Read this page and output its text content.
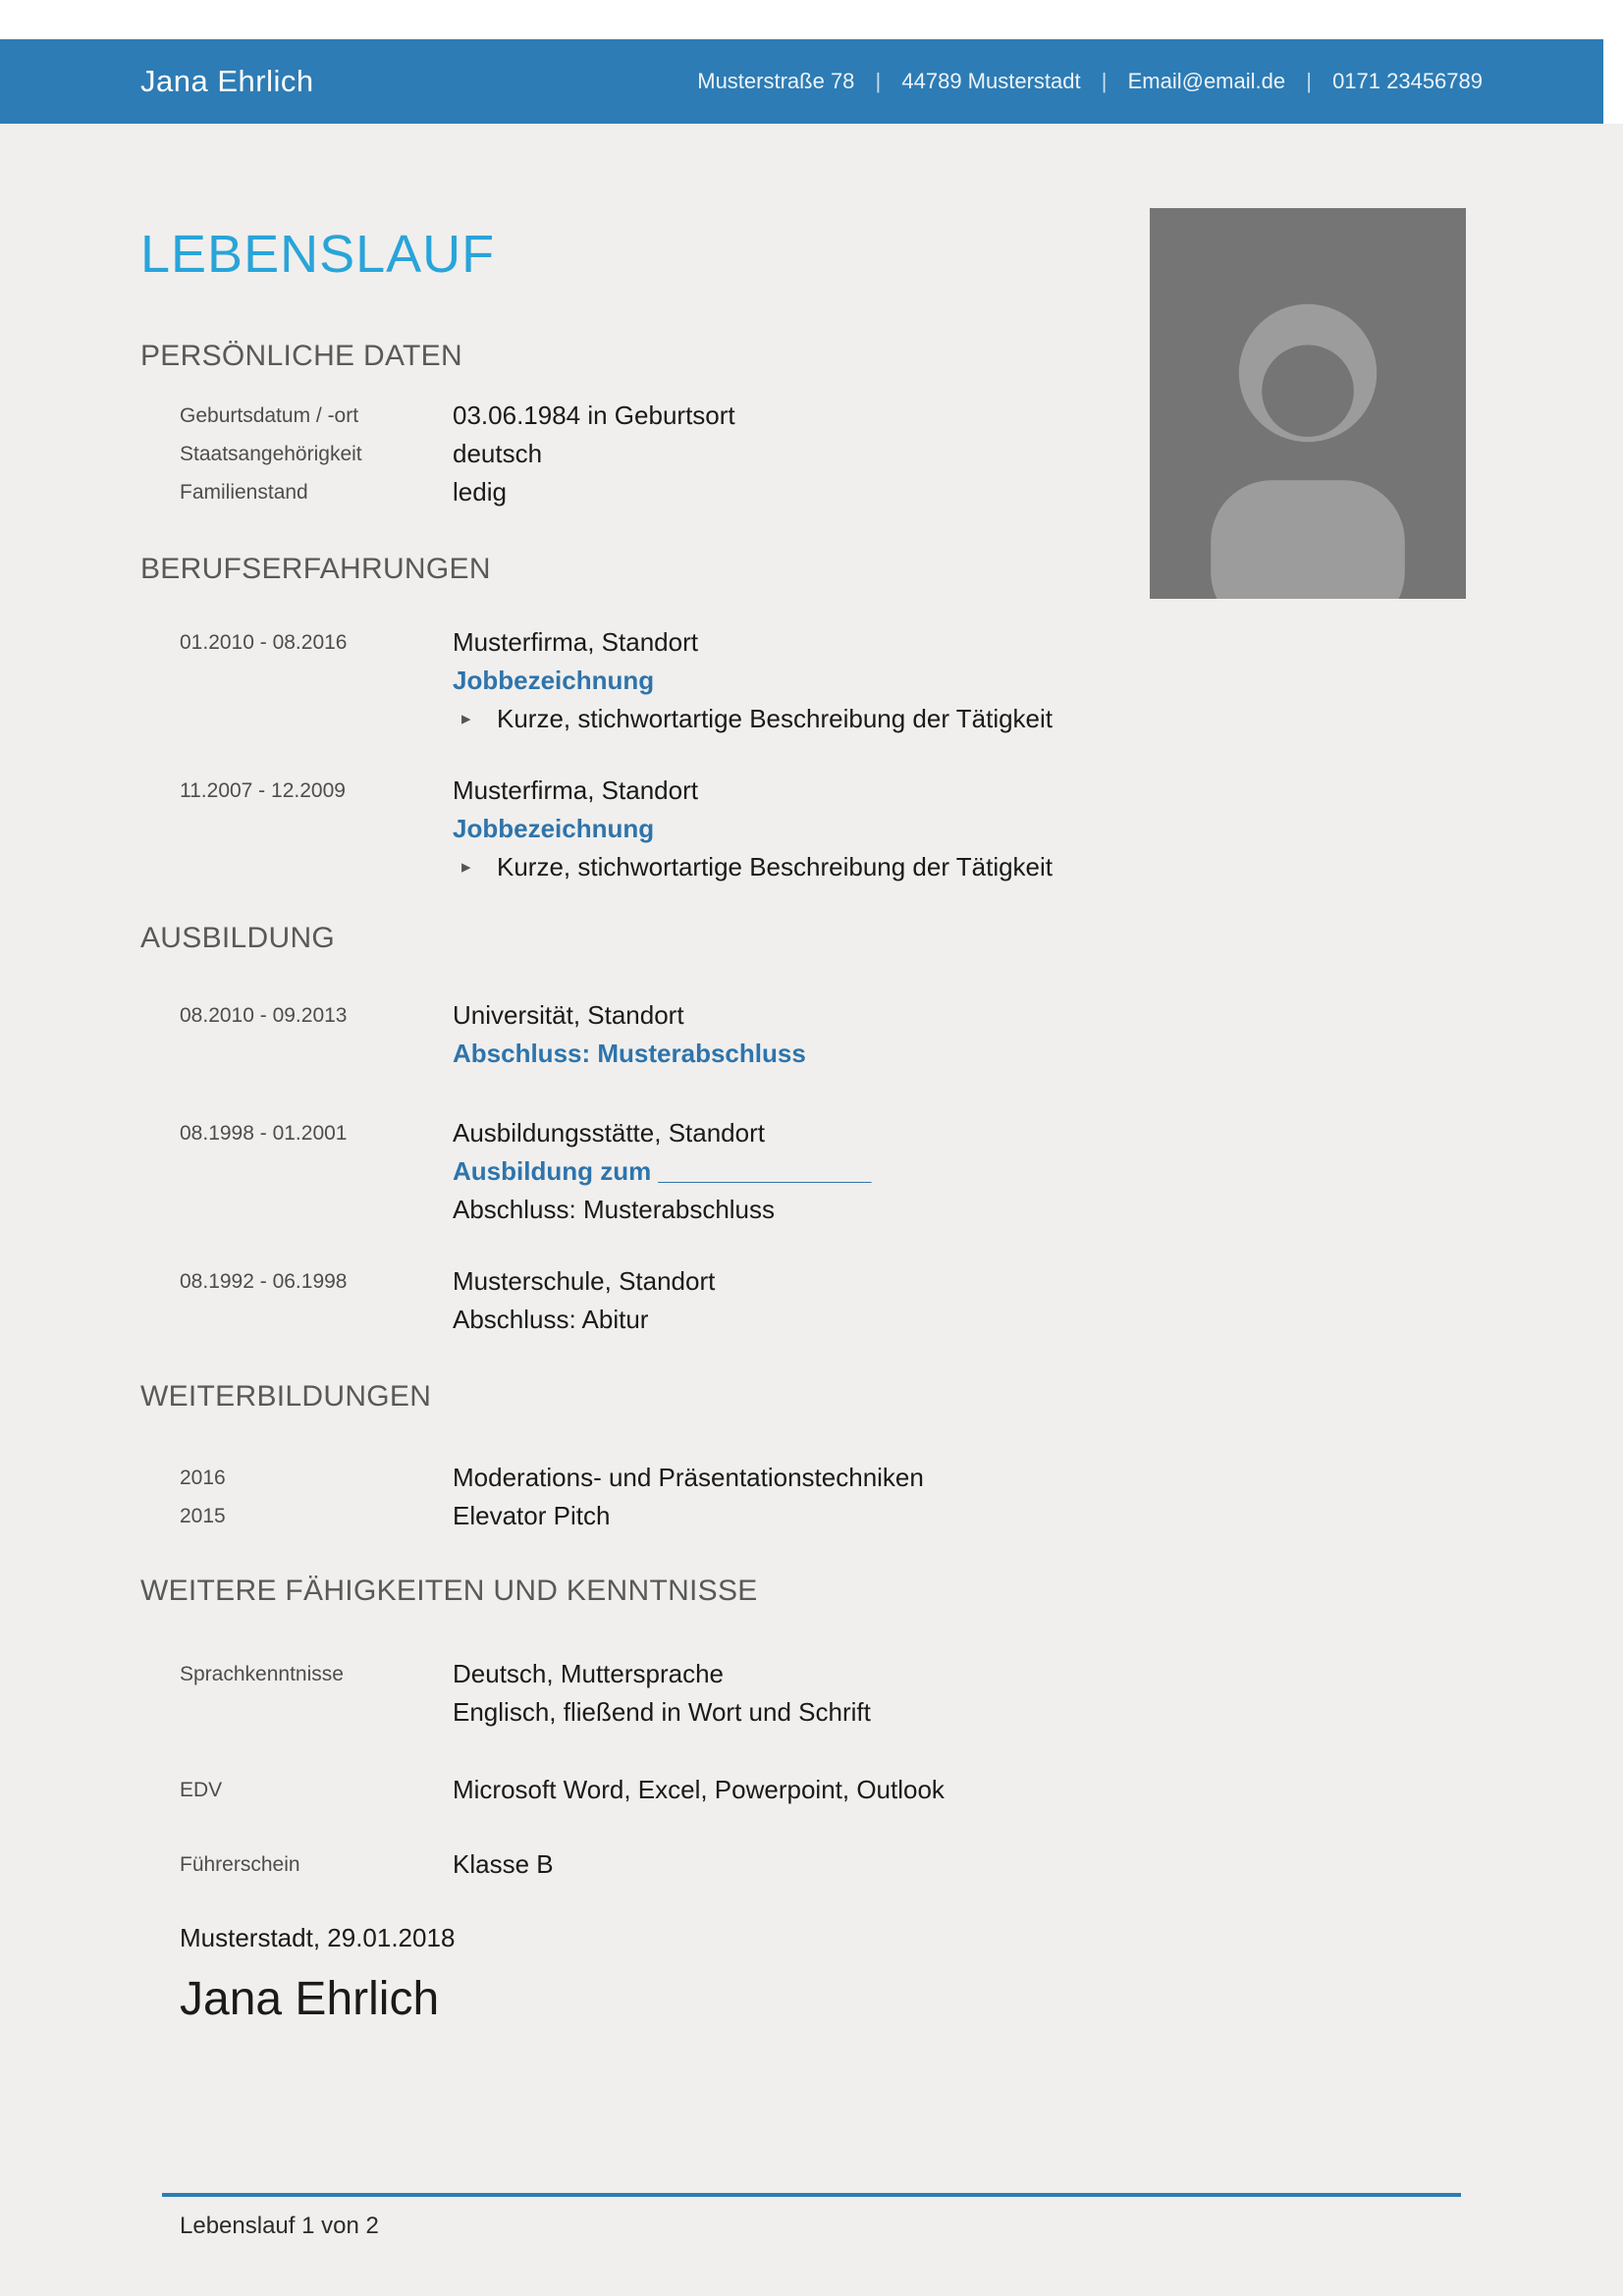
Jana Ehrlich	Musterstraße 78 | 44789 Musterstadt | Email@email.de | 0171 23456789
LEBENSLAUF
PERSÖNLICHE DATEN
Geburtsdatum / -ort	03.06.1984 in Geburtsort
Staatsangehörigkeit	deutsch
Familienstand	ledig
BERUFSERFAHRUNGEN
01.2010 - 08.2016	Musterfirma, Standort
Jobbezeichnung
▸	Kurze, stichwortartige Beschreibung der Tätigkeit
11.2007 - 12.2009	Musterfirma, Standort
Jobbezeichnung
▸	Kurze, stichwortartige Beschreibung der Tätigkeit
AUSBILDUNG
08.2010 - 09.2013	Universität, Standort
Abschluss: Musterabschluss
08.1998 - 01.2001	Ausbildungsstätte, Standort
Ausbildung zum _______________
Abschluss: Musterabschluss
08.1992 - 06.1998	Musterschule, Standort
Abschluss: Abitur
WEITERBILDUNGEN
2016	Moderations- und Präsentationstechniken
2015	Elevator Pitch
WEITERE FÄHIGKEITEN UND KENNTNISSE
Sprachkenntnisse	Deutsch, Muttersprache
Englisch, fließend in Wort und Schrift
EDV	Microsoft Word, Excel, Powerpoint, Outlook
Führerschein	Klasse B
Musterstadt, 29.01.2018
Jana Ehrlich
Lebenslauf 1 von 2
